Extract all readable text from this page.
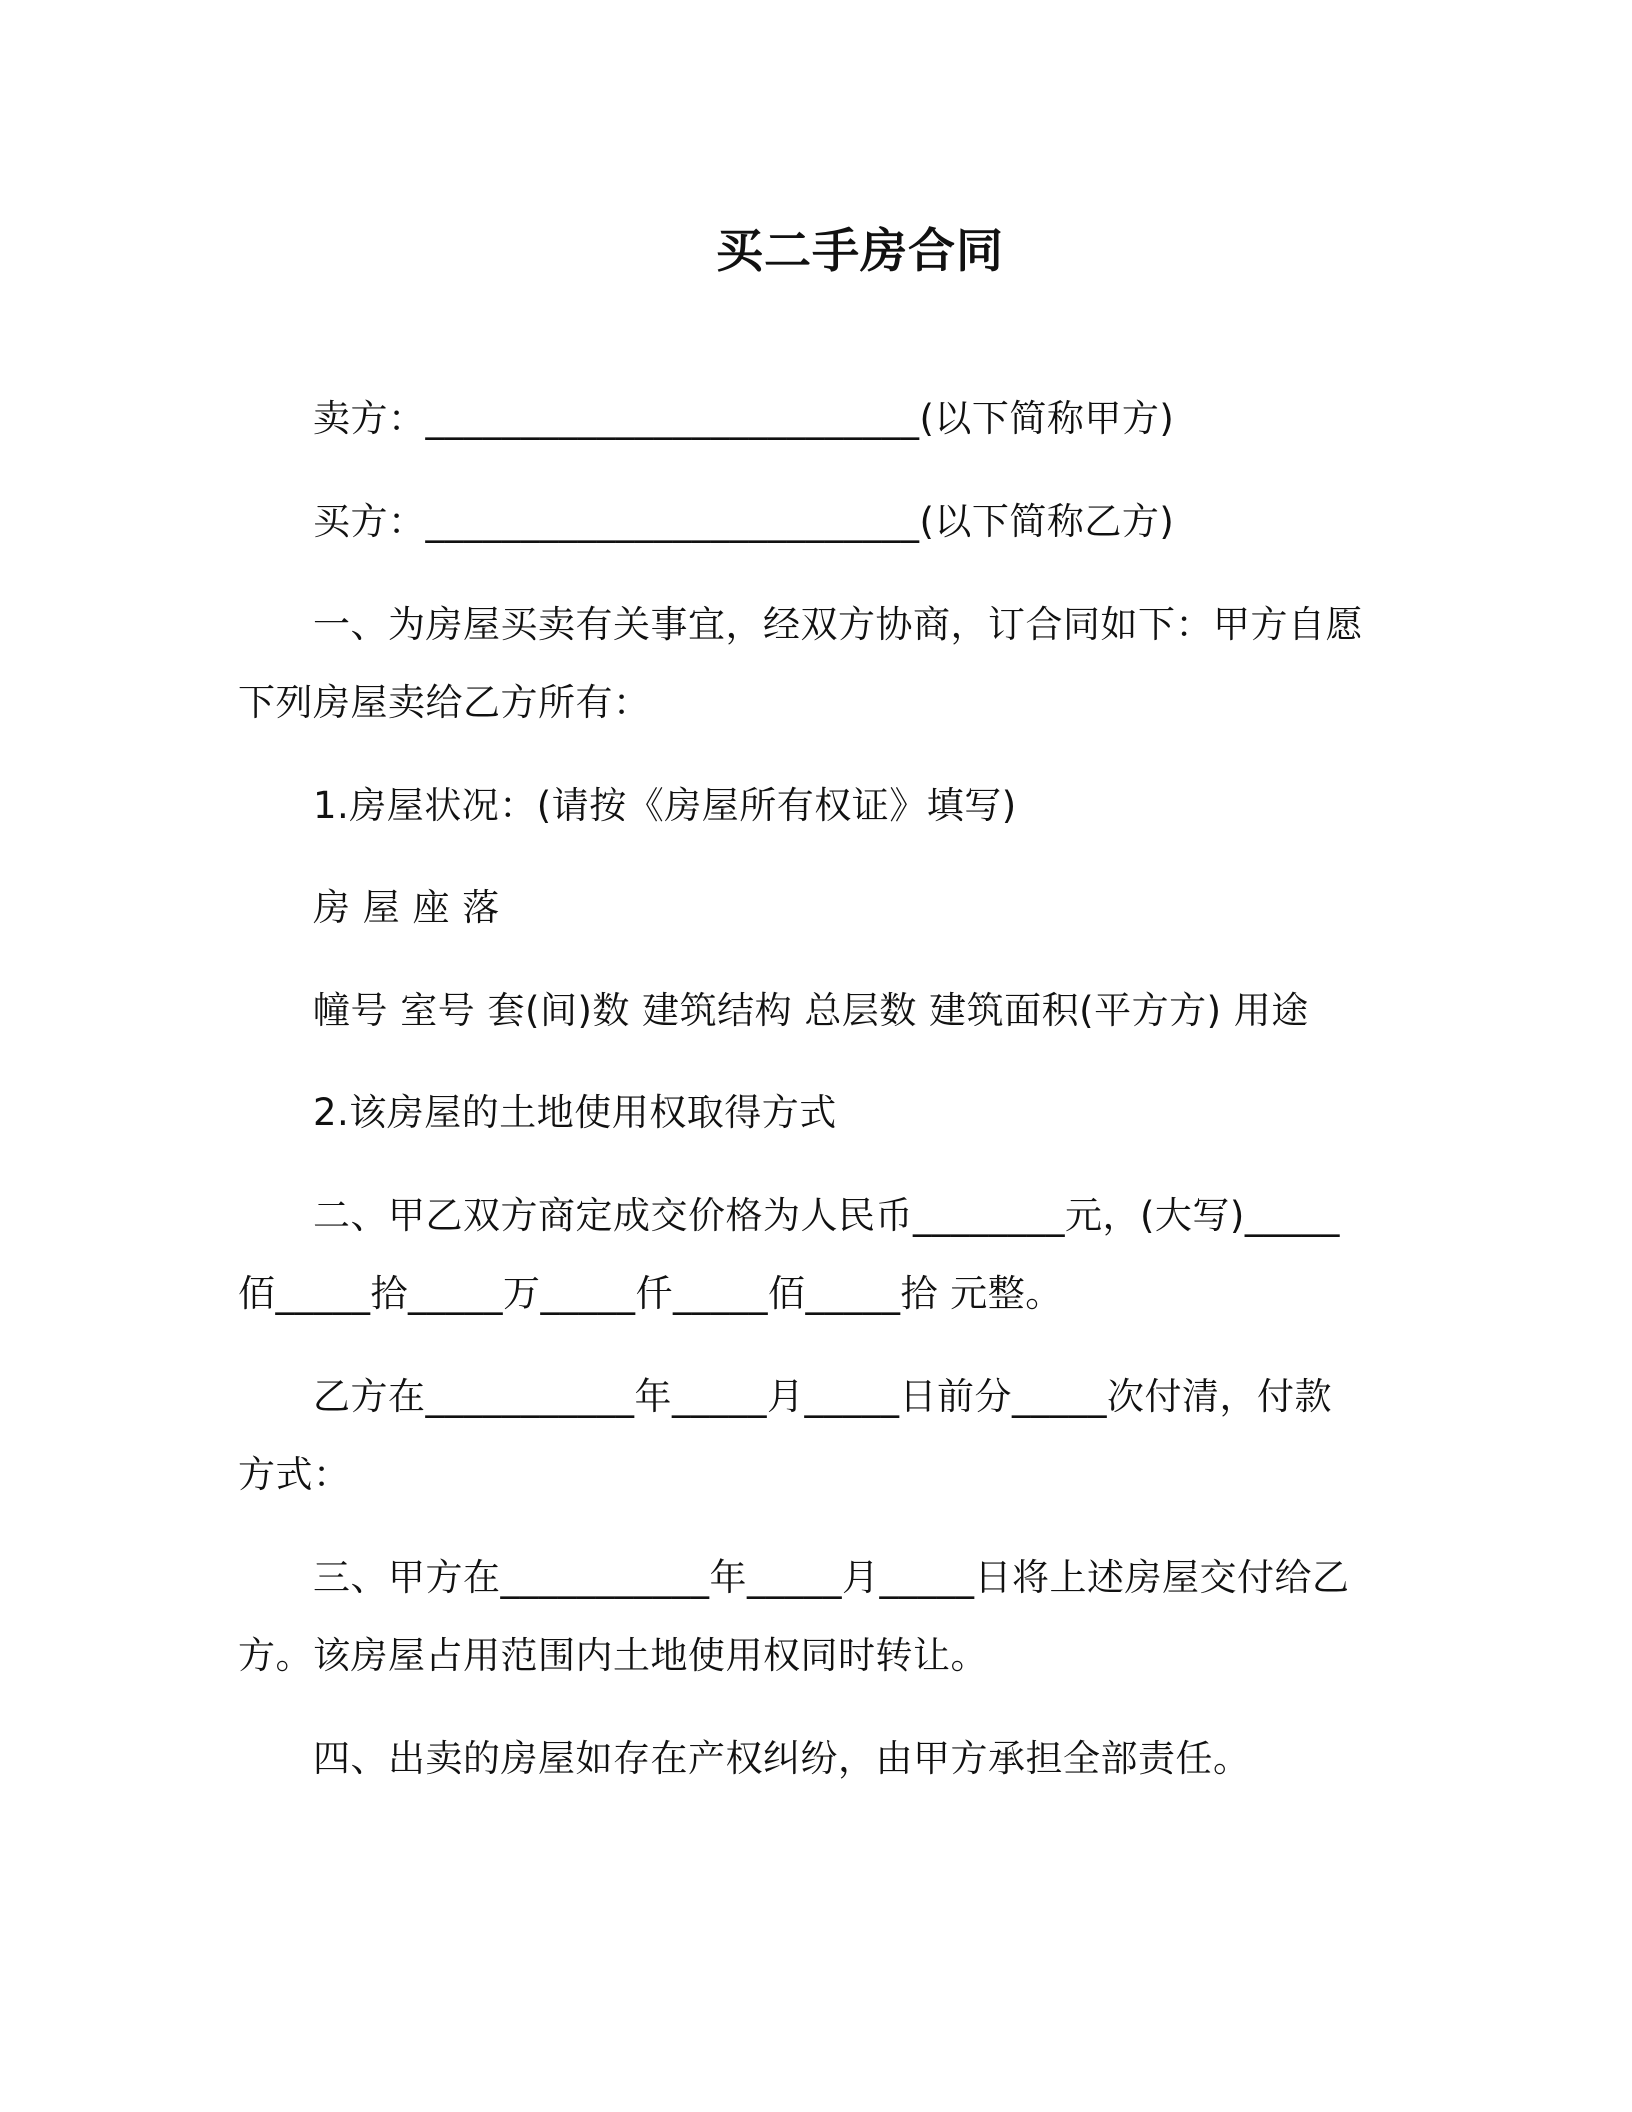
买二手房合同
卖方：__________________________(以下简称甲方)
买方：__________________________(以下简称乙方)
一、为房屋买卖有关事宜，经双方协商，订合同如下：甲方自愿
下列房屋卖给乙方所有：
1.房屋状况：(请按《房屋所有权证》填写)
房 屋 座 落
幢号 室号 套(间)数 建筑结构 总层数 建筑面积(平方方) 用途
2.该房屋的土地使用权取得方式
二、甲乙双方商定成交价格为人民币________元，(大写)_____
佰_____拾_____万_____仟_____佰_____拾 元整。
乙方在___________年_____月_____日前分_____次付清，付款
方式：
三、甲方在___________年_____月_____日将上述房屋交付给乙
方。该房屋占用范围内土地使用权同时转让。
四、出卖的房屋如存在产权纠纷，由甲方承担全部责任。
